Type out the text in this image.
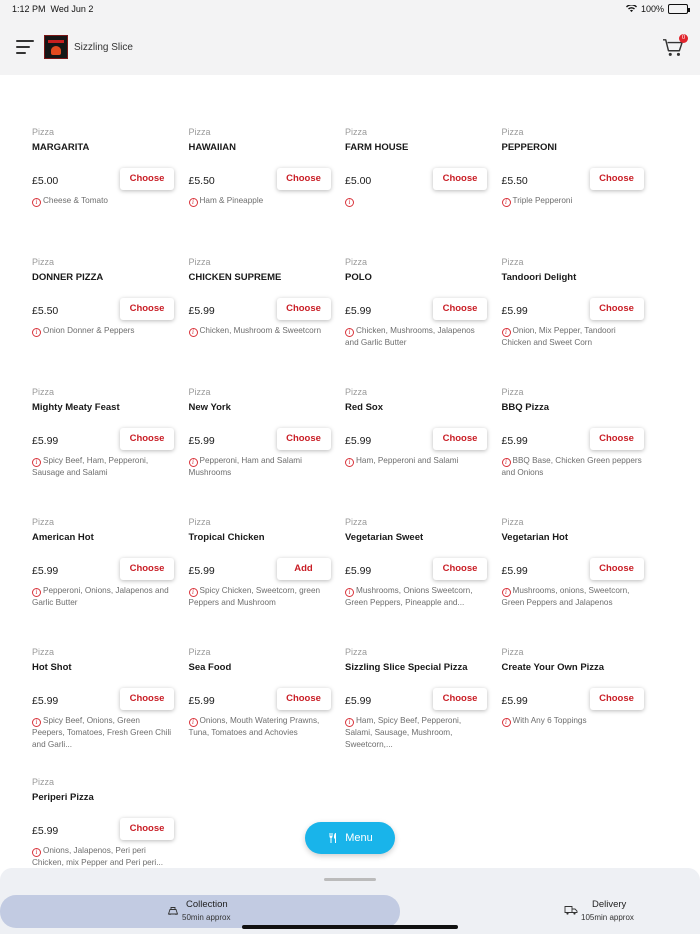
1:12 PM Wed Jun 2	100%
Sizzling Slice
0
Pizza
MARGARITA
£5.00	Choose
i Cheese & Tomato
Pizza
HAWAIIAN
£5.50	Choose
i Ham & Pineapple
Pizza
FARM HOUSE
£5.00	Choose
i
Pizza
PEPPERONI
£5.50	Choose
i Triple Pepperoni
Pizza
DONNER PIZZA
£5.50	Choose
i Onion Donner & Peppers
Pizza
CHICKEN SUPREME
£5.99	Choose
i Chicken, Mushroom & Sweetcorn
Pizza
POLO
£5.99	Choose
i Chicken, Mushrooms, Jalapenos and Garlic Butter
Pizza
Tandoori Delight
£5.99	Choose
i Onion, Mix Pepper, Tandoori Chicken and Sweet Corn
Pizza
Mighty Meaty Feast
£5.99	Choose
i Spicy Beef, Ham, Pepperoni, Sausage and Salami
Pizza
New York
£5.99	Choose
i Pepperoni, Ham and Salami Mushrooms
Pizza
Red Sox
£5.99	Choose
i Ham, Pepperoni and Salami
Pizza
BBQ Pizza
£5.99	Choose
i BBQ Base, Chicken Green peppers and Onions
Pizza
American Hot
£5.99	Choose
i Pepperoni, Onions, Jalapenos and Garlic Butter
Pizza
Tropical Chicken
£5.99	Add
i Spicy Chicken, Sweetcorn, green Peppers and Mushroom
Pizza
Vegetarian Sweet
£5.99	Choose
i Mushrooms, Onions Sweetcorn, Green Peppers, Pineapple and...
Pizza
Vegetarian Hot
£5.99	Choose
i Mushrooms, onions, Sweetcorn, Green Peppers and Jalapenos
Pizza
Hot Shot
£5.99	Choose
i Spicy Beef, Onions, Green Peepers, Tomatoes, Fresh Green Chili and Garli...
Pizza
Sea Food
£5.99	Choose
i Onions, Mouth Watering Prawns, Tuna, Tomatoes and Achovies
Pizza
Sizzling Slice Special Pizza
£5.99	Choose
i Ham, Spicy Beef, Pepperoni, Salami, Sausage, Mushroom, Sweetcorn,...
Pizza
Create Your Own Pizza
£5.99	Choose
i With Any 6 Toppings
Pizza
Periperi Pizza
£5.99	Choose
i Onions, Jalapenos, Peri peri Chicken, mix Pepper and Peri peri...
Menu
Collection
50min approx
Delivery
105min approx
